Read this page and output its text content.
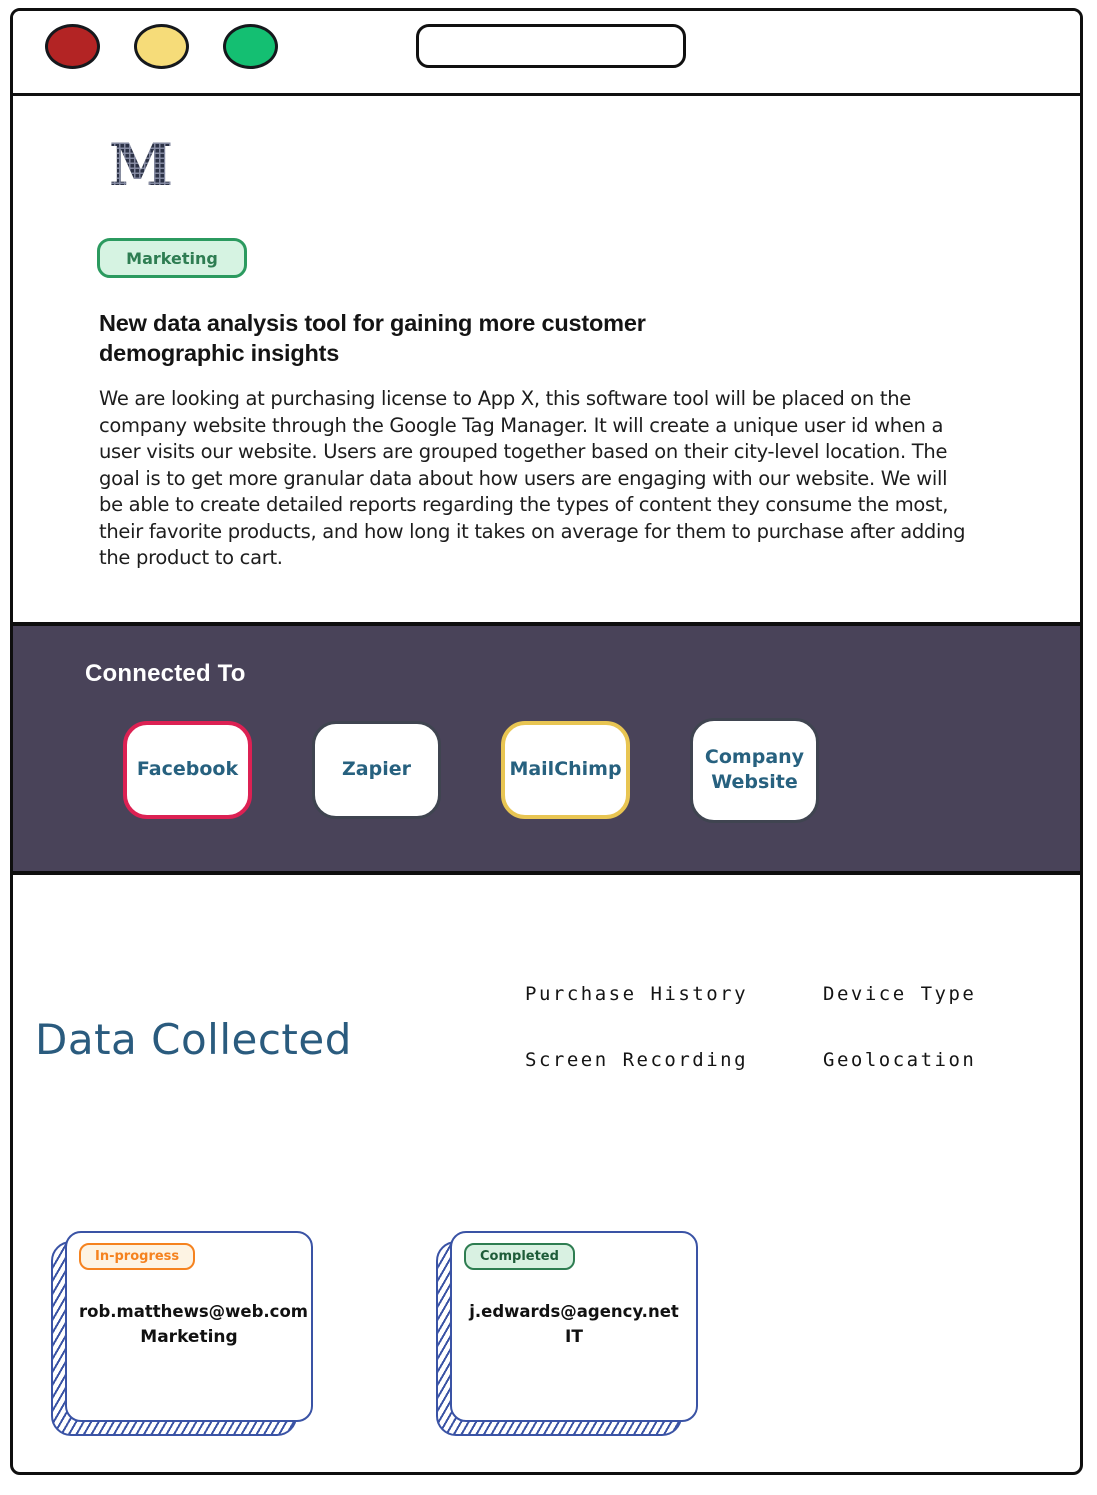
M
Marketing
New data analysis tool for gaining more customer demographic insights

We are looking at purchasing license to App X, this software tool will be placed on the company website through the Google Tag Manager. It will create a unique user id when a user visits our website. Users are grouped together based on their city-level location. The goal is to get more granular data about how users are engaging with our website. We will be able to create detailed reports regarding the types of content they consume the most, their favorite products, and how long it takes on average for them to purchase after adding the product to cart.

Connected To
Facebook	Zapier	MailChimp
Company Website
Data Collected
Purchase History	Device Type
Screen Recording	Geolocation
In-progress
rob.matthews@web.com
Marketing
Completed
j.edwards@agency.net
IT
